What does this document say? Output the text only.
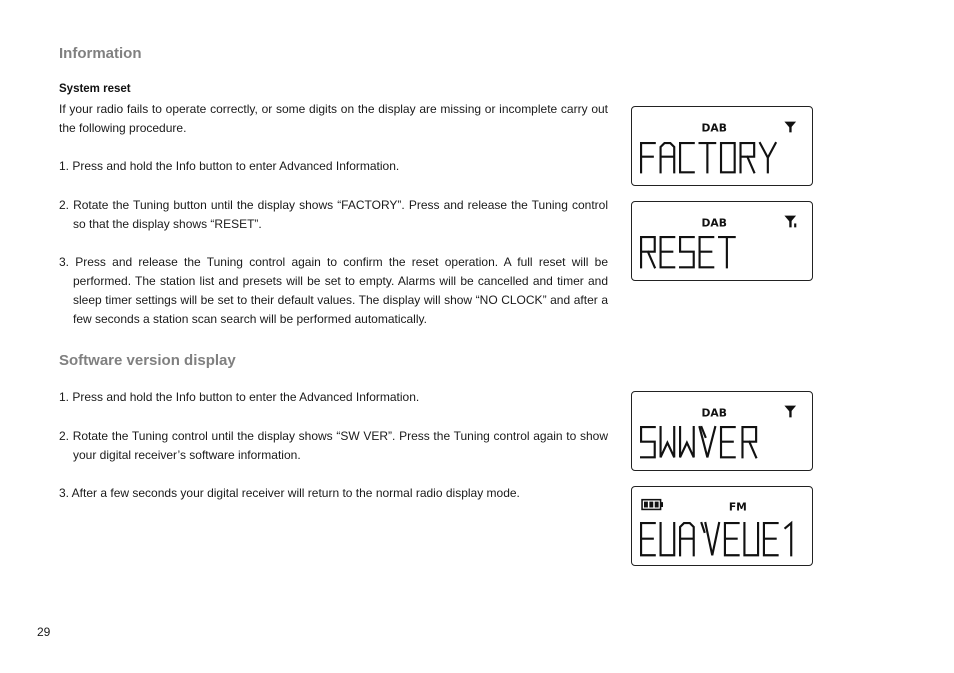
Information
System reset

If your radio fails to operate correctly, or some digits on the display are missing or incomplete carry out the following procedure.

1. Press and hold the Info button to enter Advanced Information.

2. Rotate the Tuning button until the display shows “FACTORY”. Press and release the Tuning control so that the display shows “RESET”.

3. Press and release the Tuning control again to confirm the reset operation. A full reset will be performed. The station list and presets will be set to empty. Alarms will be cancelled and timer and sleep timer settings will be set to their default values. The display will show “NO CLOCK” and after a few seconds a station scan search will be performed automatically.

Software version display

1. Press and hold the Info button to enter the Advanced Information.

2. Rotate the Tuning control until the display shows “SW VER”. Press the Tuning control again to show your digital receiver’s software information.

3. After a few seconds your digital receiver will return to the normal radio display mode.

DAB
DAB
DAB
FM

29
